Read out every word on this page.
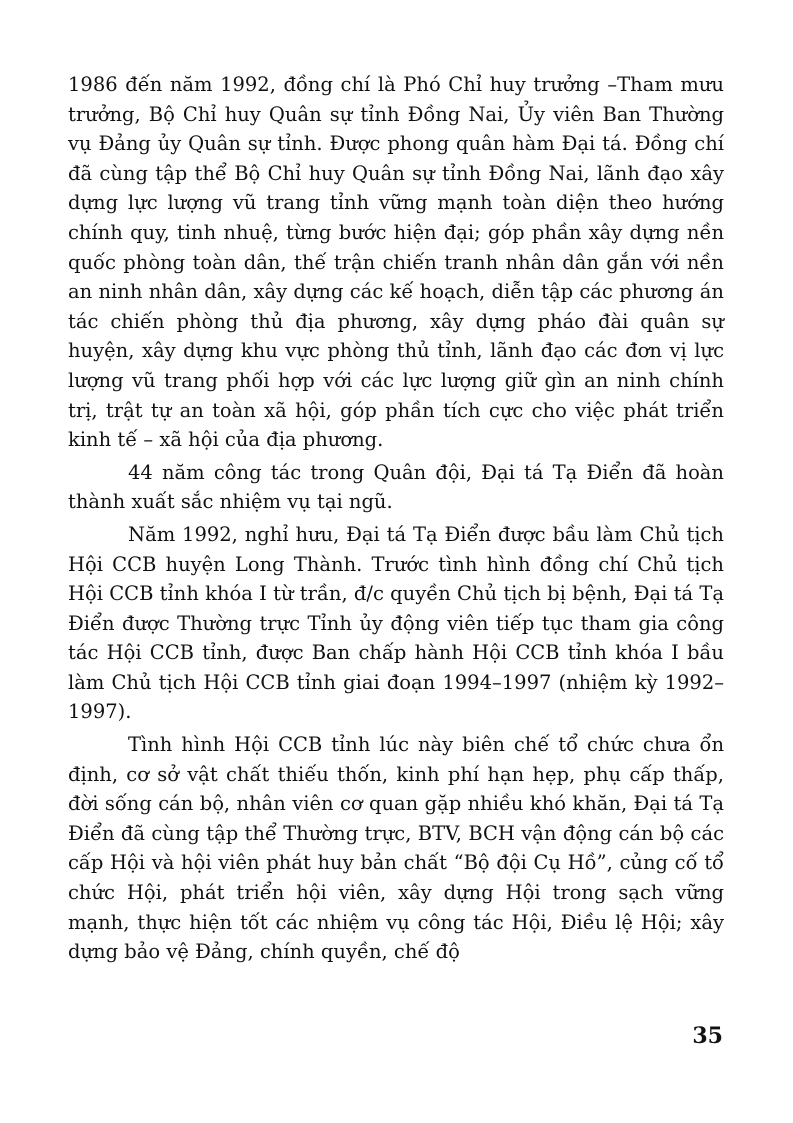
1986 đến năm 1992, đồng chí là Phó Chỉ huy trưởng –Tham mưu trưởng, Bộ Chỉ huy Quân sự tỉnh Đồng Nai, Ủy viên Ban Thường vụ Đảng ủy Quân sự tỉnh. Được phong quân hàm Đại tá. Đồng chí đã cùng tập thể Bộ Chỉ huy Quân sự tỉnh Đồng Nai, lãnh đạo xây dựng lực lượng vũ trang tỉnh vững mạnh toàn diện theo hướng chính quy, tinh nhuệ, từng bước hiện đại; góp phần xây dựng nền quốc phòng toàn dân, thế trận chiến tranh nhân dân gắn với nền an ninh nhân dân, xây dựng các kế hoạch, diễn tập các phương án tác chiến phòng thủ địa phương, xây dựng pháo đài quân sự huyện, xây dựng khu vực phòng thủ tỉnh, lãnh đạo các đơn vị lực lượng vũ trang phối hợp với các lực lượng giữ gìn an ninh chính trị, trật tự an toàn xã hội, góp phần tích cực cho việc phát triển kinh tế – xã hội của địa phương.

44 năm công tác trong Quân đội, Đại tá Tạ Điển đã hoàn thành xuất sắc nhiệm vụ tại ngũ.

Năm 1992, nghỉ hưu, Đại tá Tạ Điển được bầu làm Chủ tịch Hội CCB huyện Long Thành. Trước tình hình đồng chí Chủ tịch Hội CCB tỉnh khóa I từ trần, đ/c quyền Chủ tịch bị bệnh, Đại tá Tạ Điển được Thường trực Tỉnh ủy động viên tiếp tục tham gia công tác Hội CCB tỉnh, được Ban chấp hành Hội CCB tỉnh khóa I bầu làm Chủ tịch Hội CCB tỉnh giai đoạn 1994–1997 (nhiệm kỳ 1992–1997).

Tình hình Hội CCB tỉnh lúc này biên chế tổ chức chưa ổn định, cơ sở vật chất thiếu thốn, kinh phí hạn hẹp, phụ cấp thấp, đời sống cán bộ, nhân viên cơ quan gặp nhiều khó khăn, Đại tá Tạ Điển đã cùng tập thể Thường trực, BTV, BCH vận động cán bộ các cấp Hội và hội viên phát huy bản chất “Bộ đội Cụ Hồ”, củng cố tổ chức Hội, phát triển hội viên, xây dựng Hội trong sạch vững mạnh, thực hiện tốt các nhiệm vụ công tác Hội, Điều lệ Hội; xây dựng bảo vệ Đảng, chính quyền, chế độ

35
